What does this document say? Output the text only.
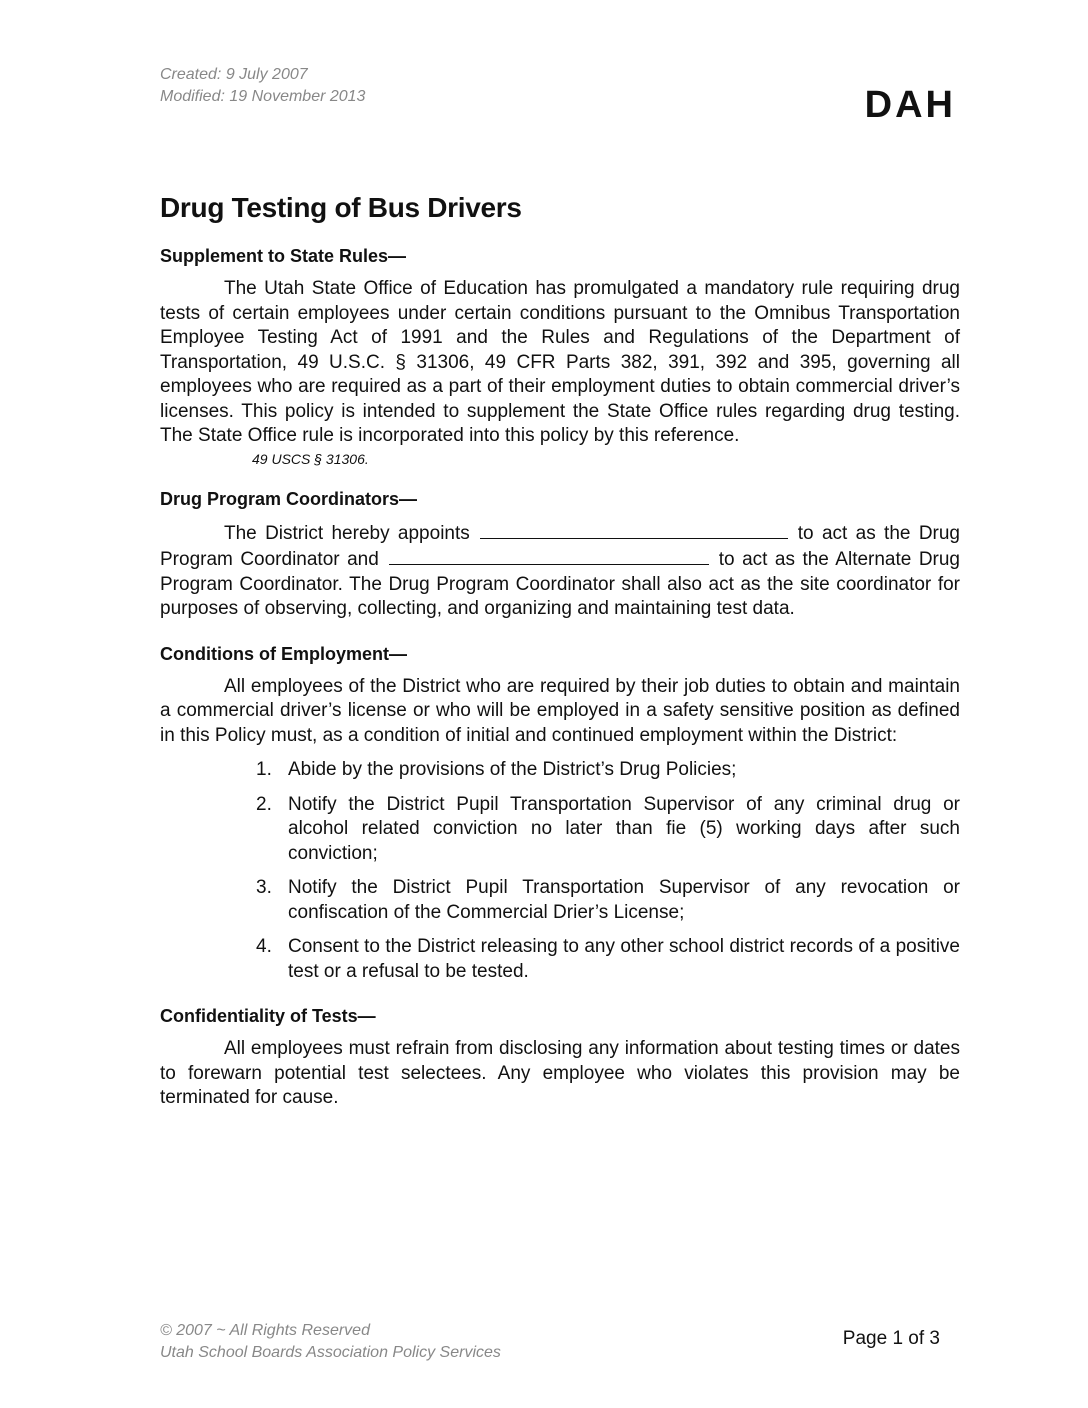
Created: 9 July 2007
Modified: 19 November 2013	DAH
Drug Testing of Bus Drivers
Supplement to State Rules—

The Utah State Office of Education has promulgated a mandatory rule requiring drug tests of certain employees under certain conditions pursuant to the Omnibus Transportation Employee Testing Act of 1991 and the Rules and Regulations of the Department of Transportation, 49 U.S.C. § 31306, 49 CFR Parts 382, 391, 392 and 395, governing all employees who are required as a part of their employment duties to obtain commercial driver’s licenses. This policy is intended to supplement the State Office rules regarding drug testing. The State Office rule is incorporated into this policy by this reference.

49 USCS § 31306.
Drug Program Coordinators—

The District hereby appoints	to act as the Drug Program Coordinator and	to act as the Alternate Drug Program Coordinator. The Drug Program Coordinator shall also act as the site coordinator for purposes of observing, collecting, and organizing and maintaining test data.

Conditions of Employment—

All employees of the District who are required by their job duties to obtain and maintain a commercial driver’s license or who will be employed in a safety sensitive position as defined in this Policy must, as a condition of initial and continued employment within the District:

1. Abide by the provisions of the District’s Drug Policies;
2. Notify the District Pupil Transportation Supervisor of any criminal drug or alcohol related conviction no later than fie (5) working days after such conviction;
3. Notify the District Pupil Transportation Supervisor of any revocation or confiscation of the Commercial Drier’s License;
4. Consent to the District releasing to any other school district records of a positive test or a refusal to be tested.
Confidentiality of Tests—

All employees must refrain from disclosing any information about testing times or dates to forewarn potential test selectees. Any employee who violates this provision may be terminated for cause.

© 2007 ~ All Rights Reserved
Utah School Boards Association Policy Services
Page 1 of 3
